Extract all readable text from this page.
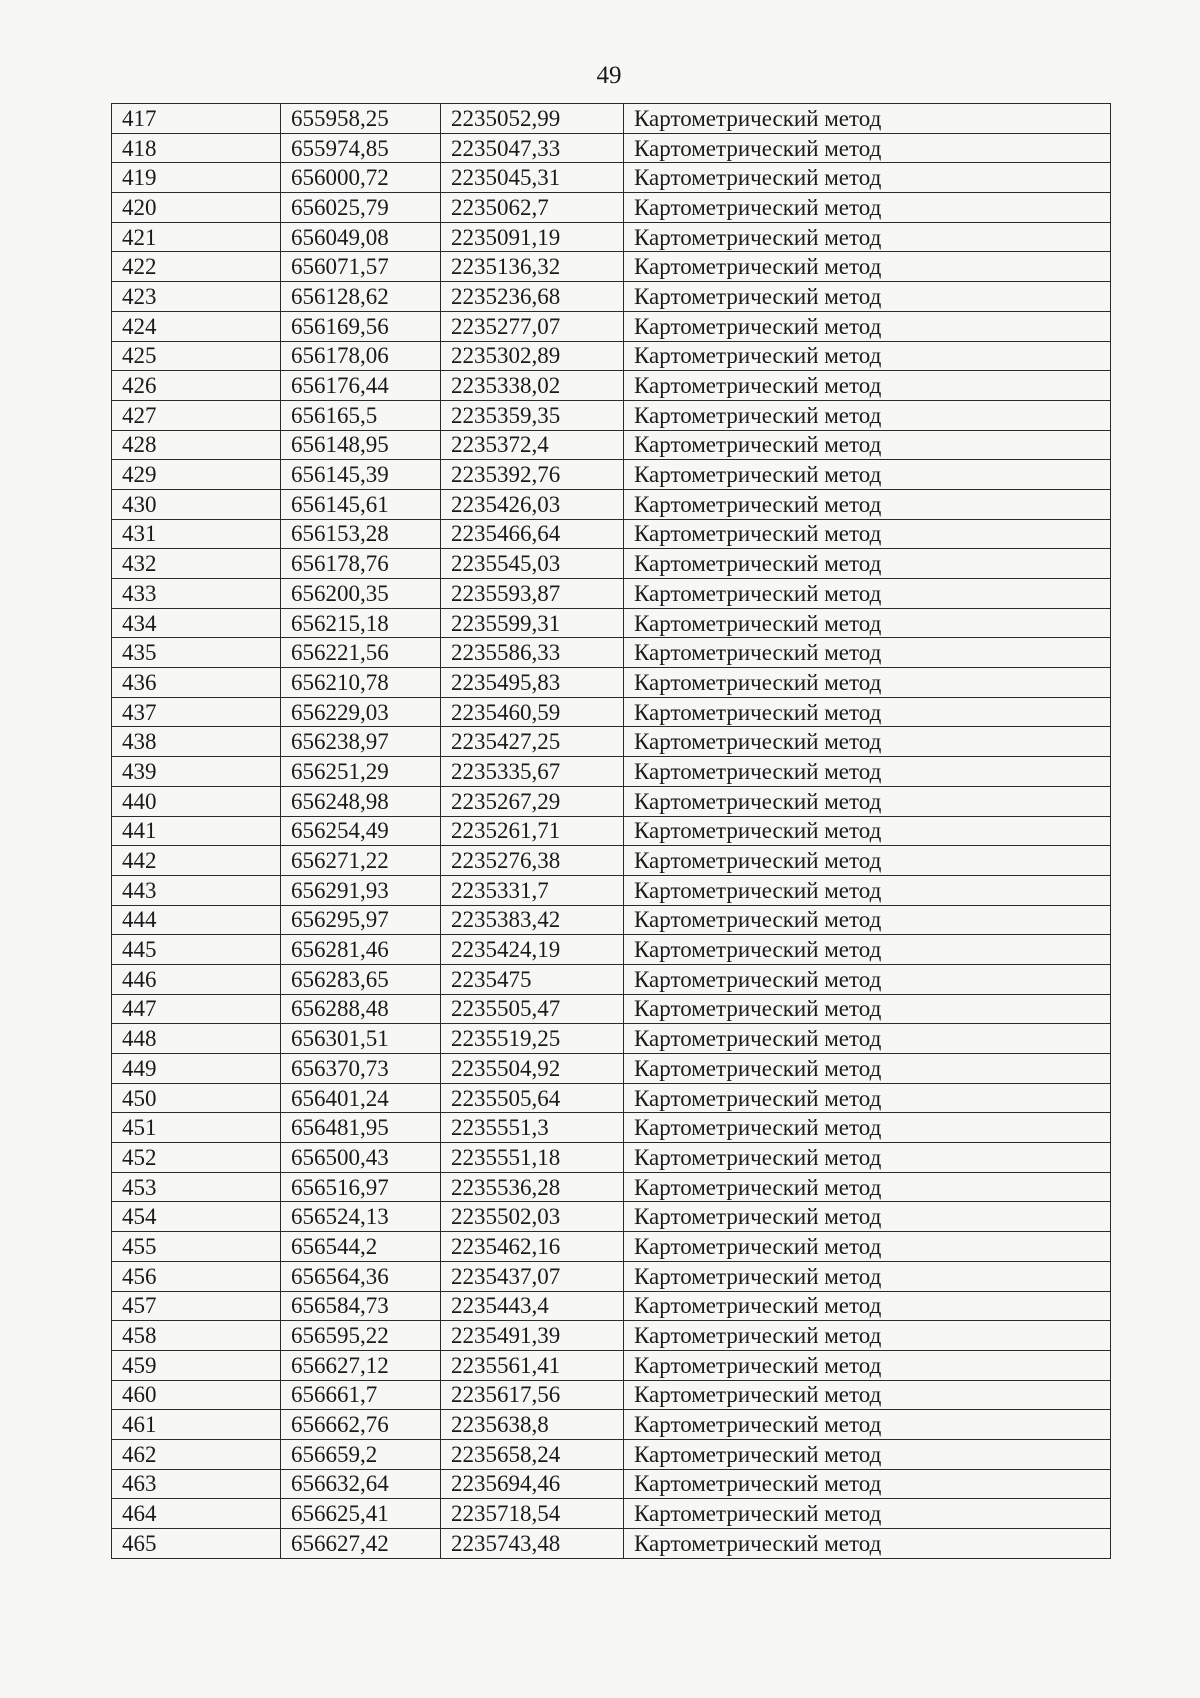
49
417	655958,25	2235052,99	Картометрический метод
418	655974,85	2235047,33	Картометрический метод
419	656000,72	2235045,31	Картометрический метод
420	656025,79	2235062,7	Картометрический метод
421	656049,08	2235091,19	Картометрический метод
422	656071,57	2235136,32	Картометрический метод
423	656128,62	2235236,68	Картометрический метод
424	656169,56	2235277,07	Картометрический метод
425	656178,06	2235302,89	Картометрический метод
426	656176,44	2235338,02	Картометрический метод
427	656165,5	2235359,35	Картометрический метод
428	656148,95	2235372,4	Картометрический метод
429	656145,39	2235392,76	Картометрический метод
430	656145,61	2235426,03	Картометрический метод
431	656153,28	2235466,64	Картометрический метод
432	656178,76	2235545,03	Картометрический метод
433	656200,35	2235593,87	Картометрический метод
434	656215,18	2235599,31	Картометрический метод
435	656221,56	2235586,33	Картометрический метод
436	656210,78	2235495,83	Картометрический метод
437	656229,03	2235460,59	Картометрический метод
438	656238,97	2235427,25	Картометрический метод
439	656251,29	2235335,67	Картометрический метод
440	656248,98	2235267,29	Картометрический метод
441	656254,49	2235261,71	Картометрический метод
442	656271,22	2235276,38	Картометрический метод
443	656291,93	2235331,7	Картометрический метод
444	656295,97	2235383,42	Картометрический метод
445	656281,46	2235424,19	Картометрический метод
446	656283,65	2235475	Картометрический метод
447	656288,48	2235505,47	Картометрический метод
448	656301,51	2235519,25	Картометрический метод
449	656370,73	2235504,92	Картометрический метод
450	656401,24	2235505,64	Картометрический метод
451	656481,95	2235551,3	Картометрический метод
452	656500,43	2235551,18	Картометрический метод
453	656516,97	2235536,28	Картометрический метод
454	656524,13	2235502,03	Картометрический метод
455	656544,2	2235462,16	Картометрический метод
456	656564,36	2235437,07	Картометрический метод
457	656584,73	2235443,4	Картометрический метод
458	656595,22	2235491,39	Картометрический метод
459	656627,12	2235561,41	Картометрический метод
460	656661,7	2235617,56	Картометрический метод
461	656662,76	2235638,8	Картометрический метод
462	656659,2	2235658,24	Картометрический метод
463	656632,64	2235694,46	Картометрический метод
464	656625,41	2235718,54	Картометрический метод
465	656627,42	2235743,48	Картометрический метод
